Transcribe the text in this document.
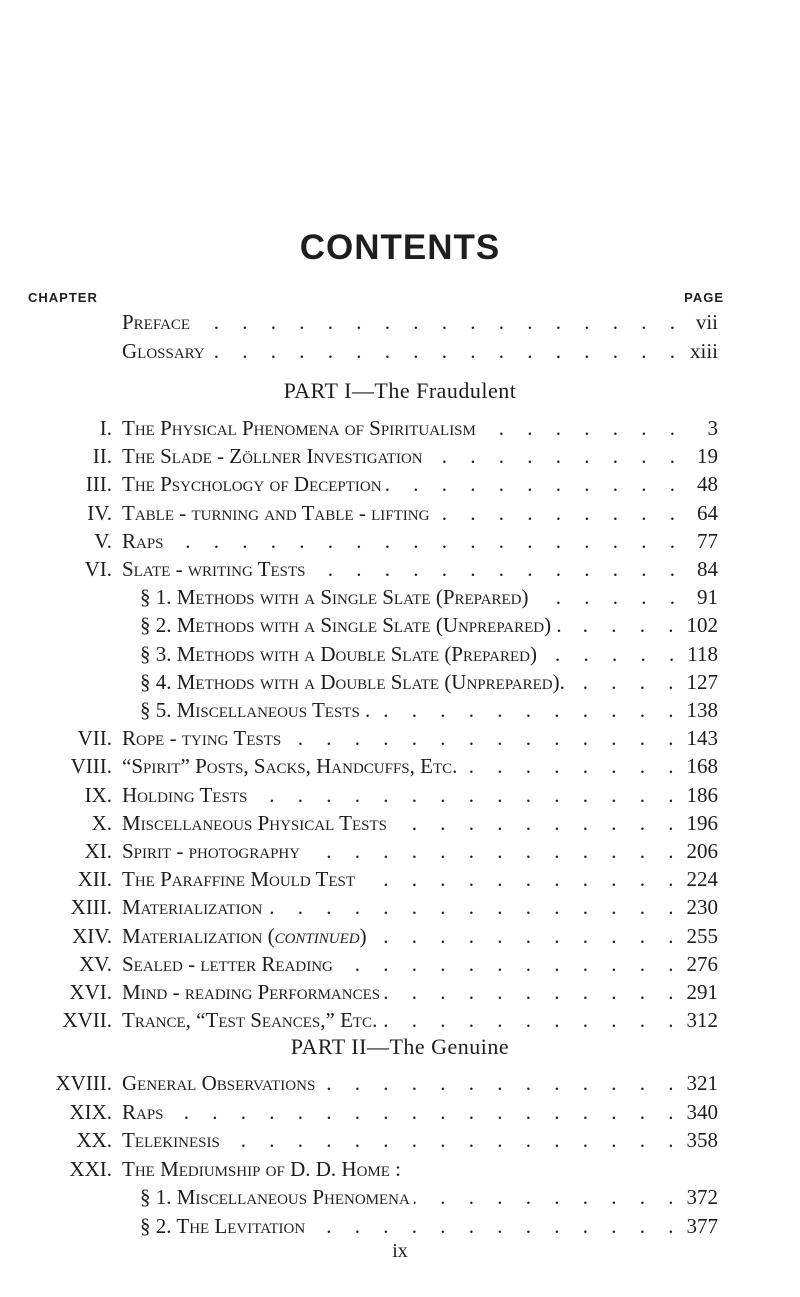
CONTENTS
CHAPTER	PAGE
Preface . . .	vii
Glossary . . .	xiii
PART I—The Fraudulent
I. The Physical Phenomena of Spiritualism . . .	3
II. The Slade - Zöllner Investigation . . .	19
III. The Psychology of Deception . . .	48
IV. Table - turning and Table - lifting . . .	64
V. Raps . . .	77
VI. Slate - writing Tests . . .	84
§ 1. Methods with a Single Slate (Prepared) . . .	91
§ 2. Methods with a Single Slate (Unprepared) . . . .	102
§ 3. Methods with a Double Slate (Prepared) . . .	118
§ 4. Methods with a Double Slate (Unprepared). . . .	127
§ 5. Miscellaneous Tests . . . .	138
VII. Rope - tying Tests . . .	143
VIII. “Spirit” Posts, Sacks, Handcuffs, Etc. . . .	168
IX. Holding Tests . . .	186
X. Miscellaneous Physical Tests . . .	196
XI. Spirit - photography . . .	206
XII. The Paraffine Mould Test . . .	224
XIII. Materialization . . .	230
XIV. Materialization (continued) . . .	255
XV. Sealed - letter Reading . . .	276
XVI. Mind - reading Performances . . .	291
XVII. Trance, “Test Seances,” Etc. . . .	312
PART II—The Genuine
XVIII. General Observations . . .	321
XIX. Raps . . .	340
XX. Telekinesis . . .	358
XXI. The Mediumship of D. D. Home :
§ 1. Miscellaneous Phenomena . . .	372
§ 2. The Levitation . . .	377
ix
